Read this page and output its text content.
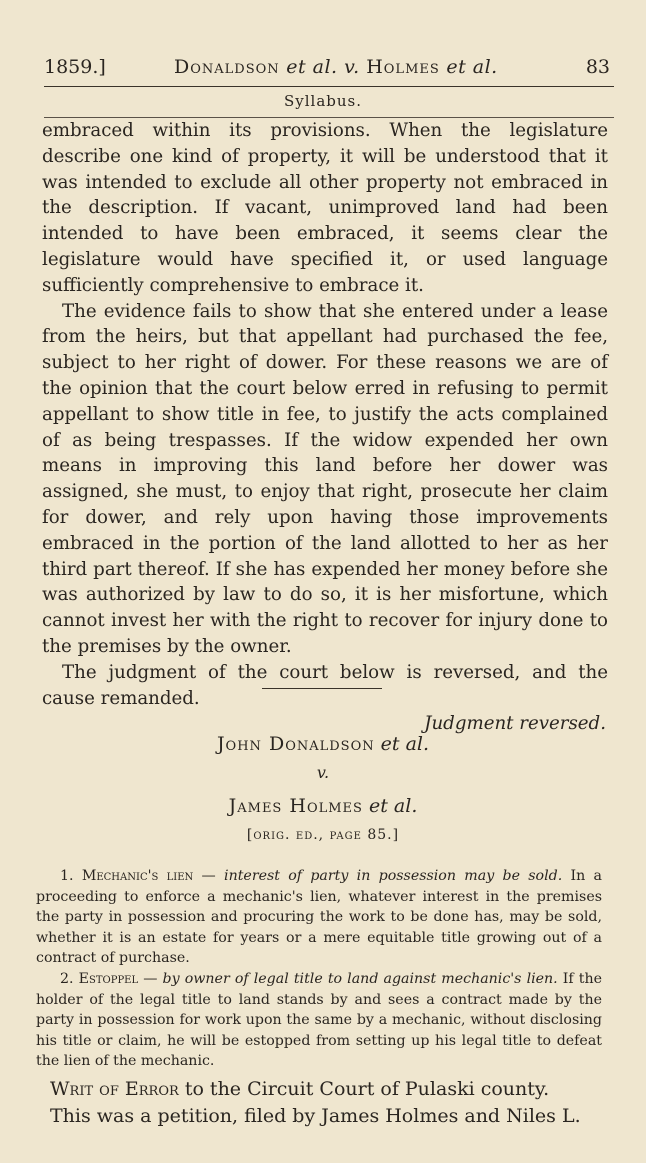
1859.]	Donaldson et al. v. Holmes et al.	83
Syllabus.

embraced within its provisions. When the legislature describe one kind of property, it will be understood that it was intended to exclude all other property not embraced in the description. If vacant, unimproved land had been intended to have been embraced, it seems clear the legislature would have specified it, or used language sufficiently comprehensive to embrace it.

The evidence fails to show that she entered under a lease from the heirs, but that appellant had purchased the fee, subject to her right of dower. For these reasons we are of the opinion that the court below erred in refusing to permit appellant to show title in fee, to justify the acts complained of as being trespasses. If the widow expended her own means in improving this land before her dower was assigned, she must, to enjoy that right, prosecute her claim for dower, and rely upon having those improvements embraced in the portion of the land allotted to her as her third part thereof. If she has expended her money before she was authorized by law to do so, it is her misfortune, which cannot invest her with the right to recover for injury done to the premises by the owner.

The judgment of the court below is reversed, and the cause remanded.

Judgment reversed.

John Donaldson et al.
v.
James Holmes et al.
[orig. ed., page 85.]

1. Mechanic's lien — interest of party in possession may be sold. In a proceeding to enforce a mechanic's lien, whatever interest in the premises the party in possession and procuring the work to be done has, may be sold, whether it is an estate for years or a mere equitable title growing out of a contract of purchase.

2. Estoppel — by owner of legal title to land against mechanic's lien. If the holder of the legal title to land stands by and sees a contract made by the party in possession for work upon the same by a mechanic, without disclosing his title or claim, he will be estopped from setting up his legal title to defeat the lien of the mechanic.

Writ of Error to the Circuit Court of Pulaski county.

This was a petition, filed by James Holmes and Niles L.
